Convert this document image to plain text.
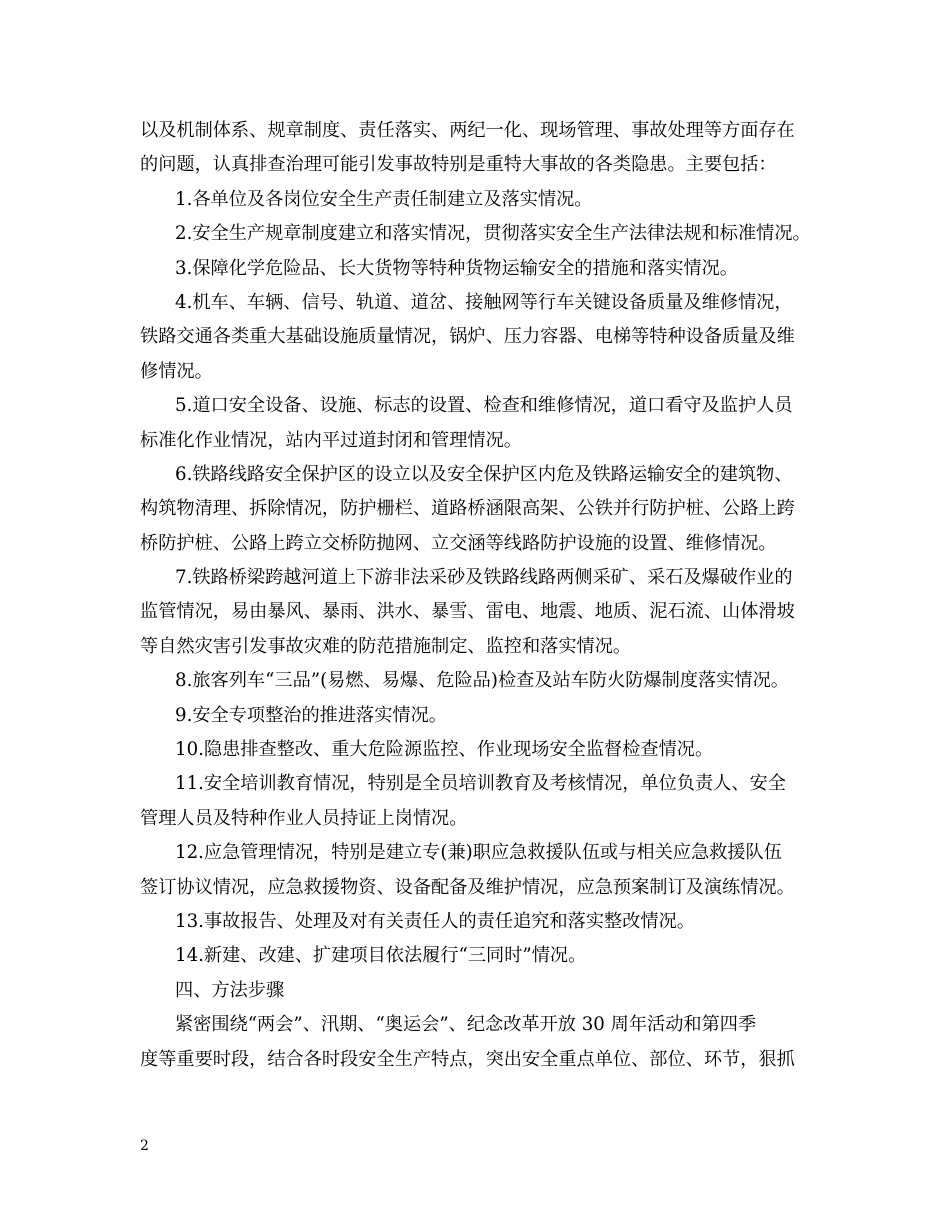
以及机制体系、规章制度、责任落实、两纪一化、现场管理、事故处理等方面存在
的问题，认真排查治理可能引发事故特别是重特大事故的各类隐患。主要包括：
1.各单位及各岗位安全生产责任制建立及落实情况。
2.安全生产规章制度建立和落实情况，贯彻落实安全生产法律法规和标准情况。
3.保障化学危险品、长大货物等特种货物运输安全的措施和落实情况。
4.机车、车辆、信号、轨道、道岔、接触网等行车关键设备质量及维修情况，
铁路交通各类重大基础设施质量情况，锅炉、压力容器、电梯等特种设备质量及维
修情况。
5.道口安全设备、设施、标志的设置、检查和维修情况，道口看守及监护人员
标准化作业情况，站内平过道封闭和管理情况。
6.铁路线路安全保护区的设立以及安全保护区内危及铁路运输安全的建筑物、
构筑物清理、拆除情况，防护栅栏、道路桥涵限高架、公铁并行防护桩、公路上跨
桥防护桩、公路上跨立交桥防抛网、立交涵等线路防护设施的设置、维修情况。
7.铁路桥梁跨越河道上下游非法采砂及铁路线路两侧采矿、采石及爆破作业的
监管情况，易由暴风、暴雨、洪水、暴雪、雷电、地震、地质、泥石流、山体滑坡
等自然灾害引发事故灾难的防范措施制定、监控和落实情况。
8.旅客列车“三品”(易燃、易爆、危险品)检查及站车防火防爆制度落实情况。
9.安全专项整治的推进落实情况。
10.隐患排查整改、重大危险源监控、作业现场安全监督检查情况。
11.安全培训教育情况，特别是全员培训教育及考核情况，单位负责人、安全
管理人员及特种作业人员持证上岗情况。
12.应急管理情况，特别是建立专(兼)职应急救援队伍或与相关应急救援队伍
签订协议情况，应急救援物资、设备配备及维护情况，应急预案制订及演练情况。
13.事故报告、处理及对有关责任人的责任追究和落实整改情况。
14.新建、改建、扩建项目依法履行“三同时”情况。
四、方法步骤
紧密围绕“两会”、汛期、“奥运会”、纪念改革开放 30 周年活动和第四季
度等重要时段，结合各时段安全生产特点，突出安全重点单位、部位、环节，狠抓
2
